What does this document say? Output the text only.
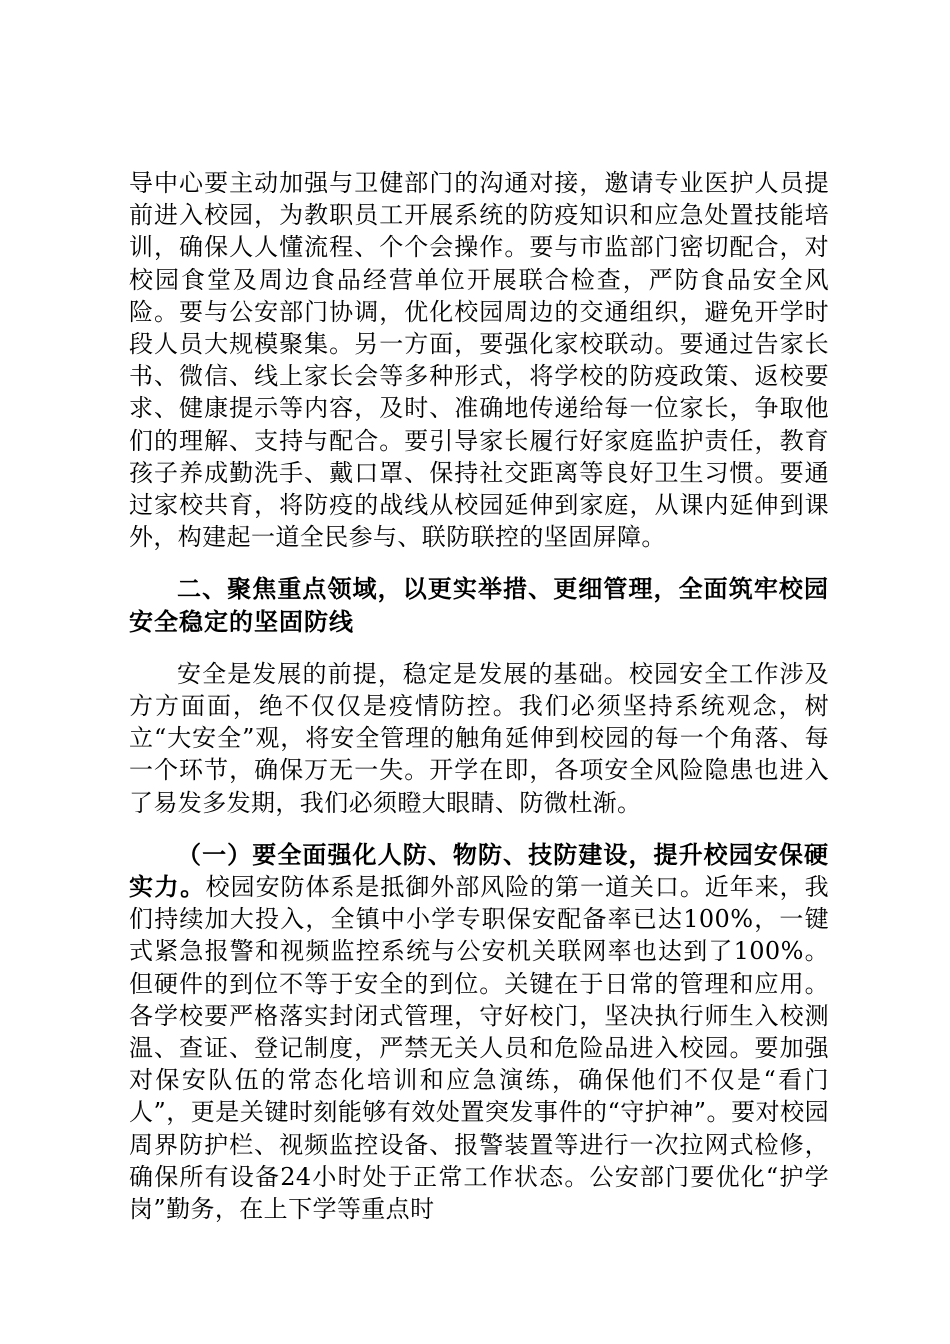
导中心要主动加强与卫健部门的沟通对接，邀请专业医护人员提前进入校园，为教职员工开展系统的防疫知识和应急处置技能培训，确保人人懂流程、个个会操作。要与市监部门密切配合，对校园食堂及周边食品经营单位开展联合检查，严防食品安全风险。要与公安部门协调，优化校园周边的交通组织，避免开学时段人员大规模聚集。另一方面，要强化家校联动。要通过告家长书、微信、线上家长会等多种形式，将学校的防疫政策、返校要求、健康提示等内容，及时、准确地传递给每一位家长，争取他们的理解、支持与配合。要引导家长履行好家庭监护责任，教育孩子养成勤洗手、戴口罩、保持社交距离等良好卫生习惯。要通过家校共育，将防疫的战线从校园延伸到家庭，从课内延伸到课外，构建起一道全民参与、联防联控的坚固屏障。

二、聚焦重点领域，以更实举措、更细管理，全面筑牢校园安全稳定的坚固防线

安全是发展的前提，稳定是发展的基础。校园安全工作涉及方方面面，绝不仅仅是疫情防控。我们必须坚持系统观念，树立“大安全”观，将安全管理的触角延伸到校园的每一个角落、每一个环节，确保万无一失。开学在即，各项安全风险隐患也进入了易发多发期，我们必须瞪大眼睛、防微杜渐。

（一）要全面强化人防、物防、技防建设，提升校园安保硬实力。校园安防体系是抵御外部风险的第一道关口。近年来，我们持续加大投入，全镇中小学专职保安配备率已达100%，一键式紧急报警和视频监控系统与公安机关联网率也达到了100%。但硬件的到位不等于安全的到位。关键在于日常的管理和应用。各学校要严格落实封闭式管理，守好校门，坚决执行师生入校测温、查证、登记制度，严禁无关人员和危险品进入校园。要加强对保安队伍的常态化培训和应急演练，确保他们不仅是“看门人”，更是关键时刻能够有效处置突发事件的“守护神”。要对校园周界防护栏、视频监控设备、报警装置等进行一次拉网式检修，确保所有设备24小时处于正常工作状态。公安部门要优化“护学岗”勤务，在上下学等重点时
